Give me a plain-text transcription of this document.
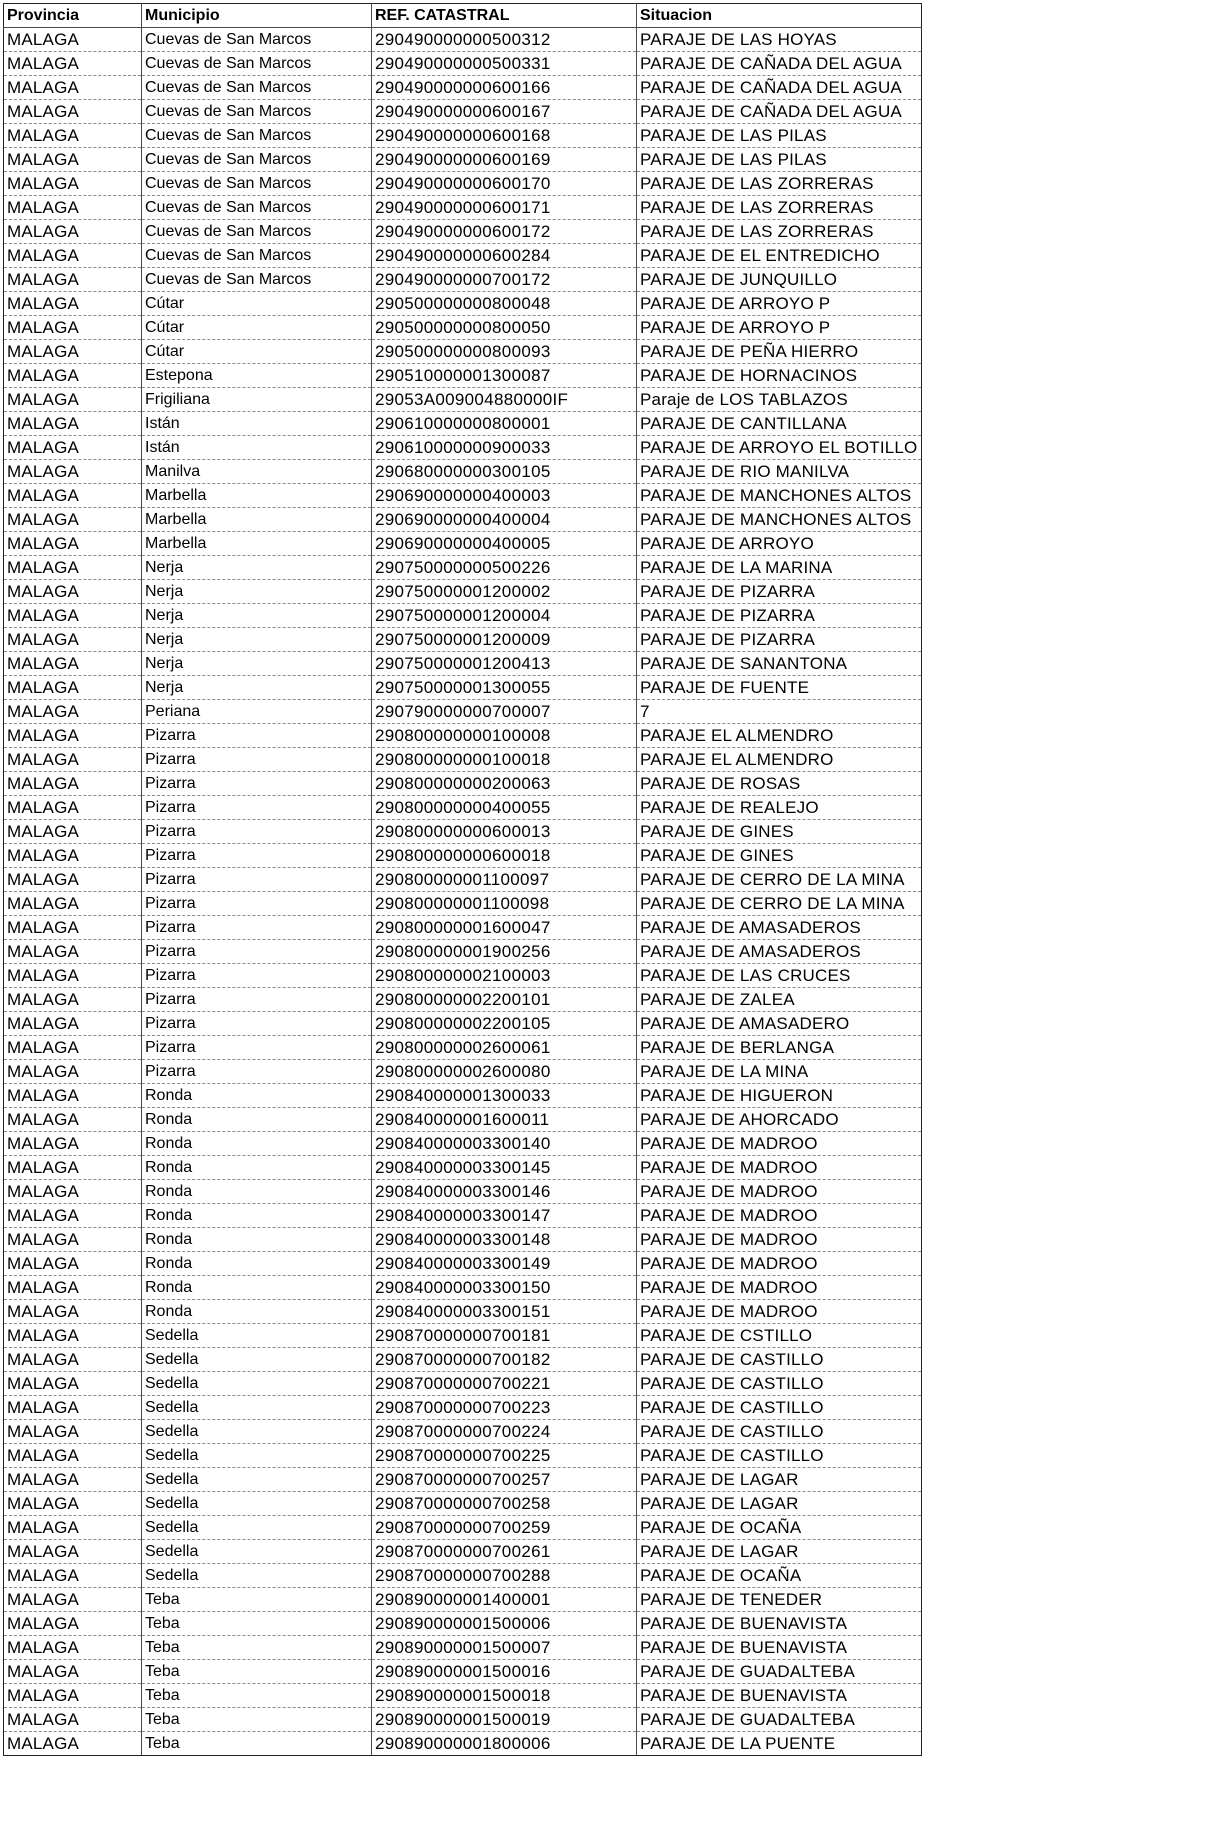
Provincia	Municipio	REF. CATASTRAL	Situacion
MALAGA	Cuevas de San Marcos	290490000000500312	PARAJE DE LAS HOYAS
MALAGA	Cuevas de San Marcos	290490000000500331	PARAJE DE CAÑADA DEL AGUA
MALAGA	Cuevas de San Marcos	290490000000600166	PARAJE DE CAÑADA DEL AGUA
MALAGA	Cuevas de San Marcos	290490000000600167	PARAJE DE CAÑADA DEL AGUA
MALAGA	Cuevas de San Marcos	290490000000600168	PARAJE DE LAS PILAS
MALAGA	Cuevas de San Marcos	290490000000600169	PARAJE DE LAS PILAS
MALAGA	Cuevas de San Marcos	290490000000600170	PARAJE DE LAS ZORRERAS
MALAGA	Cuevas de San Marcos	290490000000600171	PARAJE DE LAS ZORRERAS
MALAGA	Cuevas de San Marcos	290490000000600172	PARAJE DE LAS ZORRERAS
MALAGA	Cuevas de San Marcos	290490000000600284	PARAJE DE EL ENTREDICHO
MALAGA	Cuevas de San Marcos	290490000000700172	PARAJE DE JUNQUILLO
MALAGA	Cútar	290500000000800048	PARAJE DE ARROYO P
MALAGA	Cútar	290500000000800050	PARAJE DE ARROYO P
MALAGA	Cútar	290500000000800093	PARAJE DE PEÑA HIERRO
MALAGA	Estepona	290510000001300087	PARAJE DE HORNACINOS
MALAGA	Frigiliana	29053A009004880000IF	Paraje de LOS TABLAZOS
MALAGA	Istán	290610000000800001	PARAJE DE CANTILLANA
MALAGA	Istán	290610000000900033	PARAJE DE ARROYO EL BOTILLO
MALAGA	Manilva	290680000000300105	PARAJE DE RIO MANILVA
MALAGA	Marbella	290690000000400003	PARAJE DE MANCHONES ALTOS
MALAGA	Marbella	290690000000400004	PARAJE DE MANCHONES ALTOS
MALAGA	Marbella	290690000000400005	PARAJE DE ARROYO
MALAGA	Nerja	290750000000500226	PARAJE DE LA MARINA
MALAGA	Nerja	290750000001200002	PARAJE DE PIZARRA
MALAGA	Nerja	290750000001200004	PARAJE DE PIZARRA
MALAGA	Nerja	290750000001200009	PARAJE DE PIZARRA
MALAGA	Nerja	290750000001200413	PARAJE DE SANANTONA
MALAGA	Nerja	290750000001300055	PARAJE DE FUENTE
MALAGA	Periana	290790000000700007	7
MALAGA	Pizarra	290800000000100008	PARAJE EL ALMENDRO
MALAGA	Pizarra	290800000000100018	PARAJE EL ALMENDRO
MALAGA	Pizarra	290800000000200063	PARAJE DE ROSAS
MALAGA	Pizarra	290800000000400055	PARAJE DE REALEJO
MALAGA	Pizarra	290800000000600013	PARAJE DE GINES
MALAGA	Pizarra	290800000000600018	PARAJE DE GINES
MALAGA	Pizarra	290800000001100097	PARAJE DE CERRO DE LA MINA
MALAGA	Pizarra	290800000001100098	PARAJE DE CERRO DE LA MINA
MALAGA	Pizarra	290800000001600047	PARAJE DE AMASADEROS
MALAGA	Pizarra	290800000001900256	PARAJE DE AMASADEROS
MALAGA	Pizarra	290800000002100003	PARAJE DE LAS CRUCES
MALAGA	Pizarra	290800000002200101	PARAJE DE ZALEA
MALAGA	Pizarra	290800000002200105	PARAJE DE AMASADERO
MALAGA	Pizarra	290800000002600061	PARAJE DE BERLANGA
MALAGA	Pizarra	290800000002600080	PARAJE DE LA MINA
MALAGA	Ronda	290840000001300033	PARAJE DE HIGUERON
MALAGA	Ronda	290840000001600011	PARAJE DE AHORCADO
MALAGA	Ronda	290840000003300140	PARAJE DE MADROO
MALAGA	Ronda	290840000003300145	PARAJE DE MADROO
MALAGA	Ronda	290840000003300146	PARAJE DE MADROO
MALAGA	Ronda	290840000003300147	PARAJE DE MADROO
MALAGA	Ronda	290840000003300148	PARAJE DE MADROO
MALAGA	Ronda	290840000003300149	PARAJE DE MADROO
MALAGA	Ronda	290840000003300150	PARAJE DE MADROO
MALAGA	Ronda	290840000003300151	PARAJE DE MADROO
MALAGA	Sedella	290870000000700181	PARAJE DE CSTILLO
MALAGA	Sedella	290870000000700182	PARAJE DE CASTILLO
MALAGA	Sedella	290870000000700221	PARAJE DE CASTILLO
MALAGA	Sedella	290870000000700223	PARAJE DE CASTILLO
MALAGA	Sedella	290870000000700224	PARAJE DE CASTILLO
MALAGA	Sedella	290870000000700225	PARAJE DE CASTILLO
MALAGA	Sedella	290870000000700257	PARAJE DE LAGAR
MALAGA	Sedella	290870000000700258	PARAJE DE LAGAR
MALAGA	Sedella	290870000000700259	PARAJE DE OCAÑA
MALAGA	Sedella	290870000000700261	PARAJE DE LAGAR
MALAGA	Sedella	290870000000700288	PARAJE DE OCAÑA
MALAGA	Teba	290890000001400001	PARAJE DE TENEDER
MALAGA	Teba	290890000001500006	PARAJE DE BUENAVISTA
MALAGA	Teba	290890000001500007	PARAJE DE BUENAVISTA
MALAGA	Teba	290890000001500016	PARAJE DE GUADALTEBA
MALAGA	Teba	290890000001500018	PARAJE DE BUENAVISTA
MALAGA	Teba	290890000001500019	PARAJE DE GUADALTEBA
MALAGA	Teba	290890000001800006	PARAJE DE LA PUENTE
